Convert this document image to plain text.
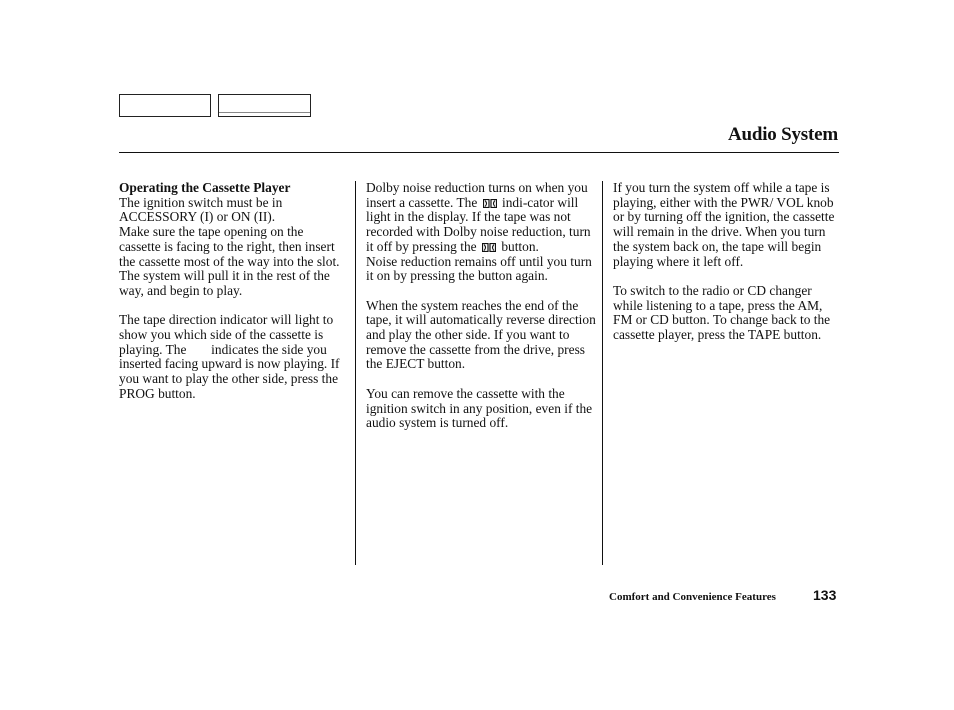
Audio System

Operating the Cassette Player
The ignition switch must be in ACCESSORY (I) or ON (II).
Make sure the tape opening on the cassette is facing to the right, then insert the cassette most of the way into the slot. The system will pull it in the rest of the way, and begin to play.

The tape direction indicator will light to show you which side of the cassette is playing. The indicates the side you inserted facing upward is now playing. If you want to play the other side, press the PROG button.

Dolby noise reduction turns on when you insert a cassette. The indi-cator will light in the display. If the tape was not recorded with Dolby noise reduction, turn it off by pressing the button.
Noise reduction remains off until you turn it on by pressing the button again.

When the system reaches the end of the tape, it will automatically reverse direction and play the other side. If you want to remove the cassette from the drive, press the EJECT button.

You can remove the cassette with the ignition switch in any position, even if the audio system is turned off.

If you turn the system off while a tape is playing, either with the PWR/ VOL knob or by turning off the ignition, the cassette will remain in the drive. When you turn the system back on, the tape will begin playing where it left off.

To switch to the radio or CD changer while listening to a tape, press the AM, FM or CD button. To change back to the cassette player, press the TAPE button.

Comfort and Convenience Features	133
